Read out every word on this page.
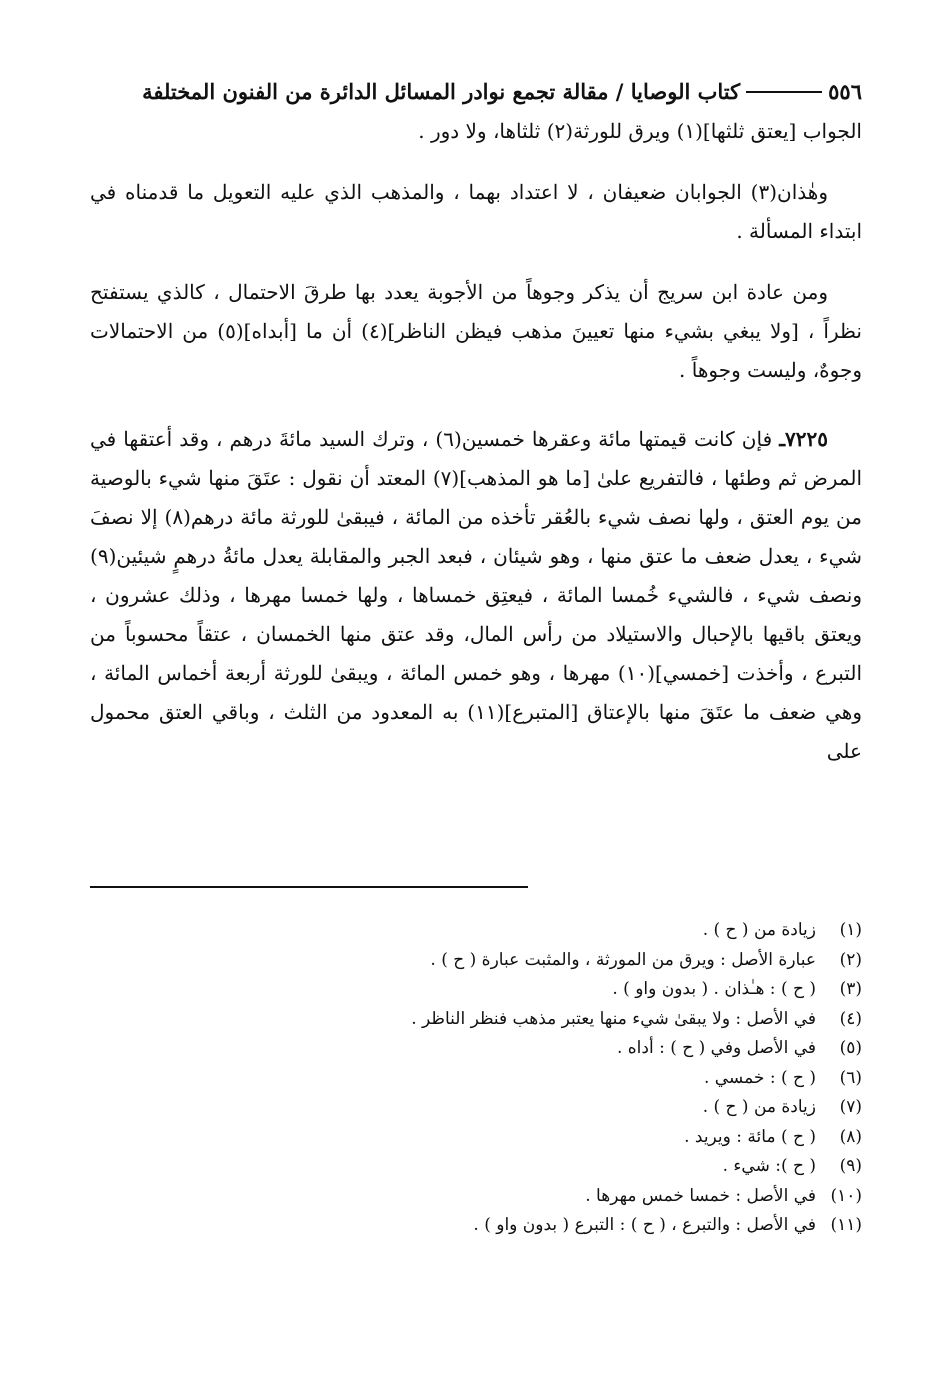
٥٥٦
كتاب الوصايا / مقالة تجمع نوادر المسائل الدائرة من الفنون المختلفة

الجواب [يعتق ثلثها](١) ويرق للورثة(٢) ثلثاها، ولا دور .

وهٰذان(٣) الجوابان ضعيفان ، لا اعتداد بهما ، والمذهب الذي عليه التعويل ما قدمناه في ابتداء المسألة .

ومن عادة ابن سريج أن يذكر وجوهاً من الأجوبة يعدد بها طرقَ الاحتمال ، كالذي يستفتح نظراً ، [ولا يبغي بشيء منها تعيينَ مذهب فيظن الناظر](٤) أن ما [أبداه](٥) من الاحتمالات وجوهٌ، وليست وجوهاً .

٧٢٢٥ـ فإن كانت قيمتها مائة وعقرها خمسين(٦) ، وترك السيد مائةَ درهم ، وقد أعتقها في المرض ثم وطئها ، فالتفريع علىٰ [ما هو المذهب](٧) المعتد أن نقول : عتَقَ منها شيء بالوصية من يوم العتق ، ولها نصف شيء بالعُقر تأخذه من المائة ، فيبقىٰ للورثة مائة درهم(٨) إلا نصفَ شيء ، يعدل ضعف ما عتق منها ، وهو شيئان ، فبعد الجبر والمقابلة يعدل مائةُ درهمٍ شيئين(٩) ونصف شيء ، فالشيء خُمسا المائة ، فيعتِق خمساها ، ولها خمسا مهرها ، وذلك عشرون ، ويعتق باقيها بالإحبال والاستيلاد من رأس المال، وقد عتق منها الخمسان ، عتقاً محسوباً من التبرع ، وأخذت [خمسي](١٠) مهرها ، وهو خمس المائة ، ويبقىٰ للورثة أربعة أخماس المائة ، وهي ضعف ما عتَقَ منها بالإعتاق [المتبرع](١١) به المعدود من الثلث ، وباقي العتق محمول على

(١)
زيادة من ( ح ) .
(٢)
عبارة الأصل : ويرق من المورثة ، والمثبت عبارة ( ح ) .
(٣)
( ح ) : هـٰذان . ( بدون واو ) .
(٤)
في الأصل : ولا يبقىٰ شيء منها يعتبر مذهب فنظر الناظر .
(٥)
في الأصل وفي ( ح ) : أداه .
(٦)
( ح ) : خمسي .
(٧)
زيادة من ( ح ) .
(٨)
( ح ) مائة : ويريد .
(٩)
( ح ): شيء .
(١٠)
في الأصل : خمسا خمس مهرها .
(١١)
في الأصل : والتبرع ، ( ح ) : التبرع ( بدون واو ) .
